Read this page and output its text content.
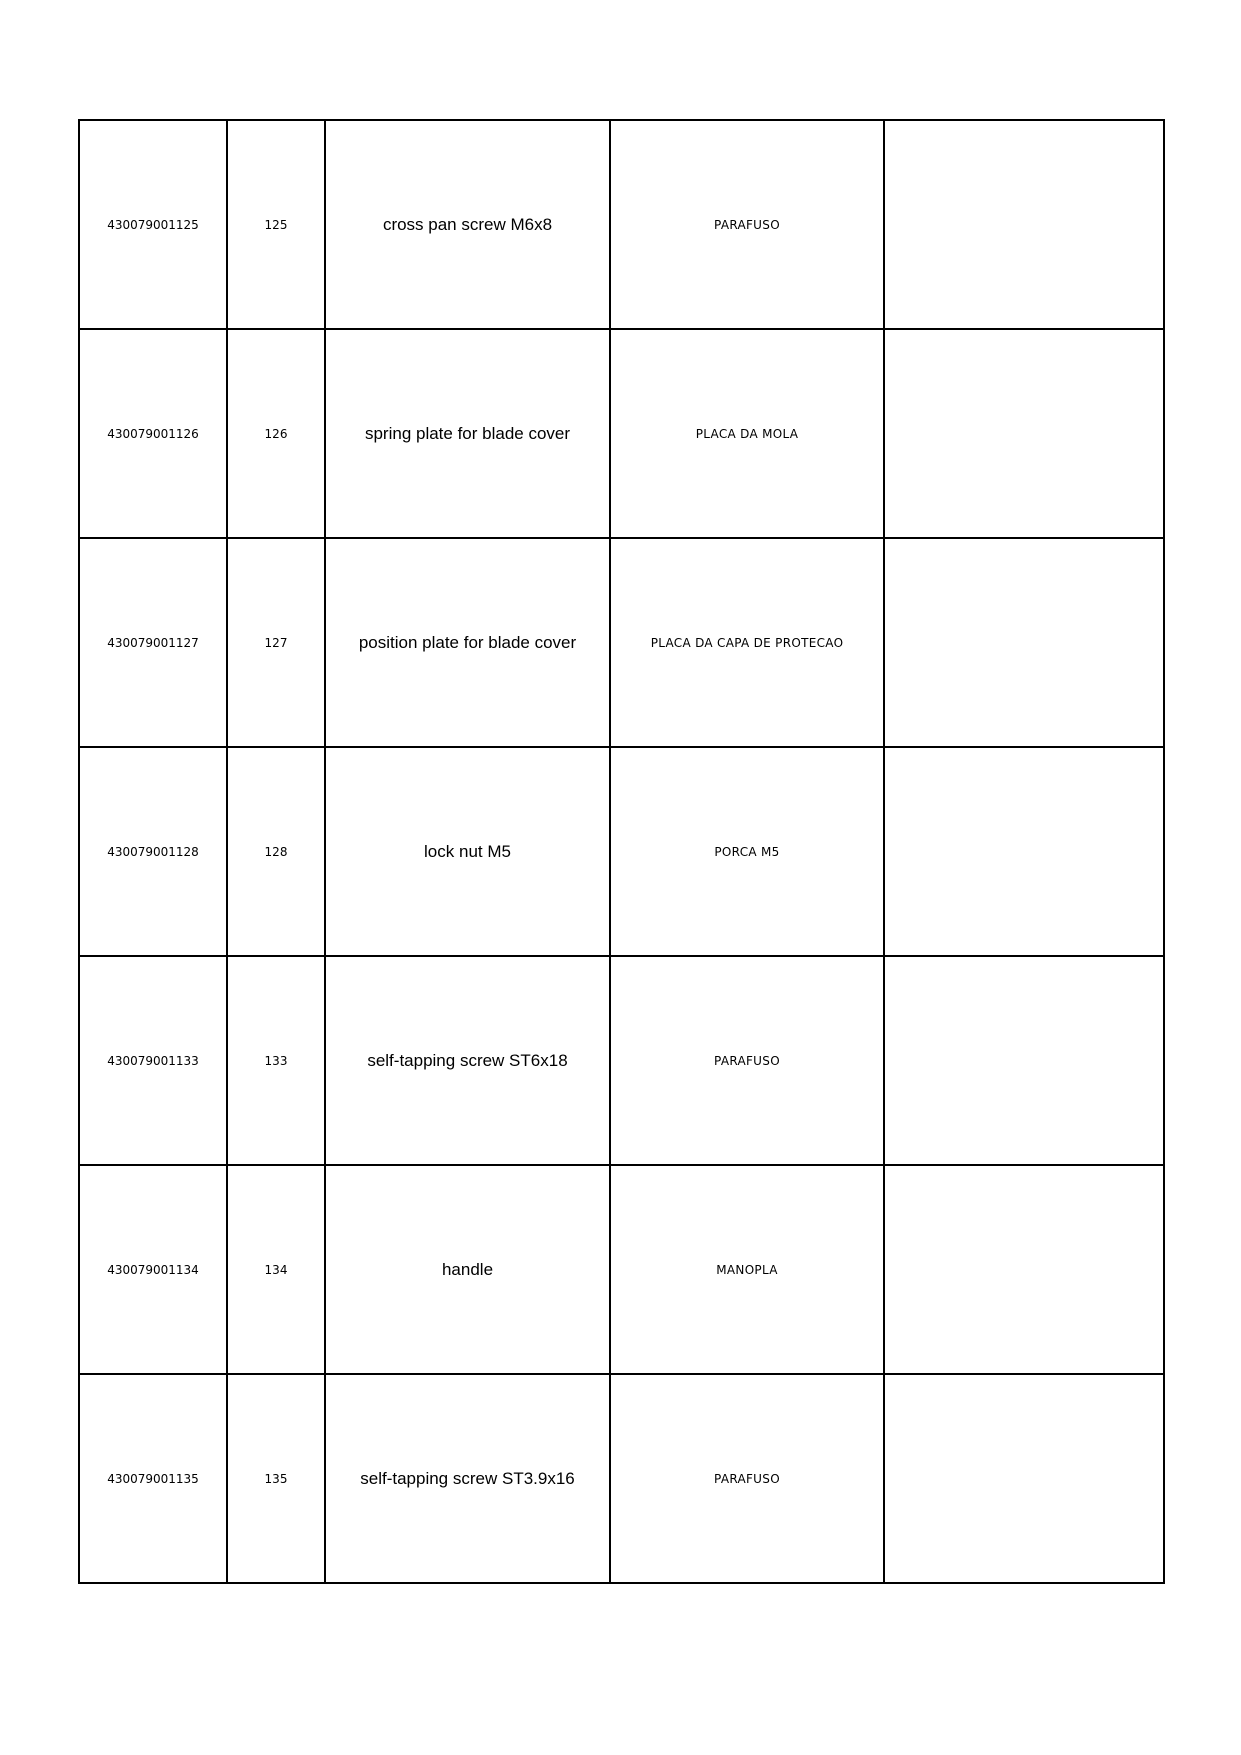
430079001125	125	cross pan screw M6x8	PARAFUSO	
430079001126	126	spring plate for blade cover	PLACA DA MOLA	
430079001127	127	position plate for blade cover	PLACA DA CAPA DE PROTECAO	
430079001128	128	lock nut M5	PORCA M5	
430079001133	133	self-tapping screw ST6x18	PARAFUSO	
430079001134	134	handle	MANOPLA	
430079001135	135	self-tapping screw ST3.9x16	PARAFUSO	
